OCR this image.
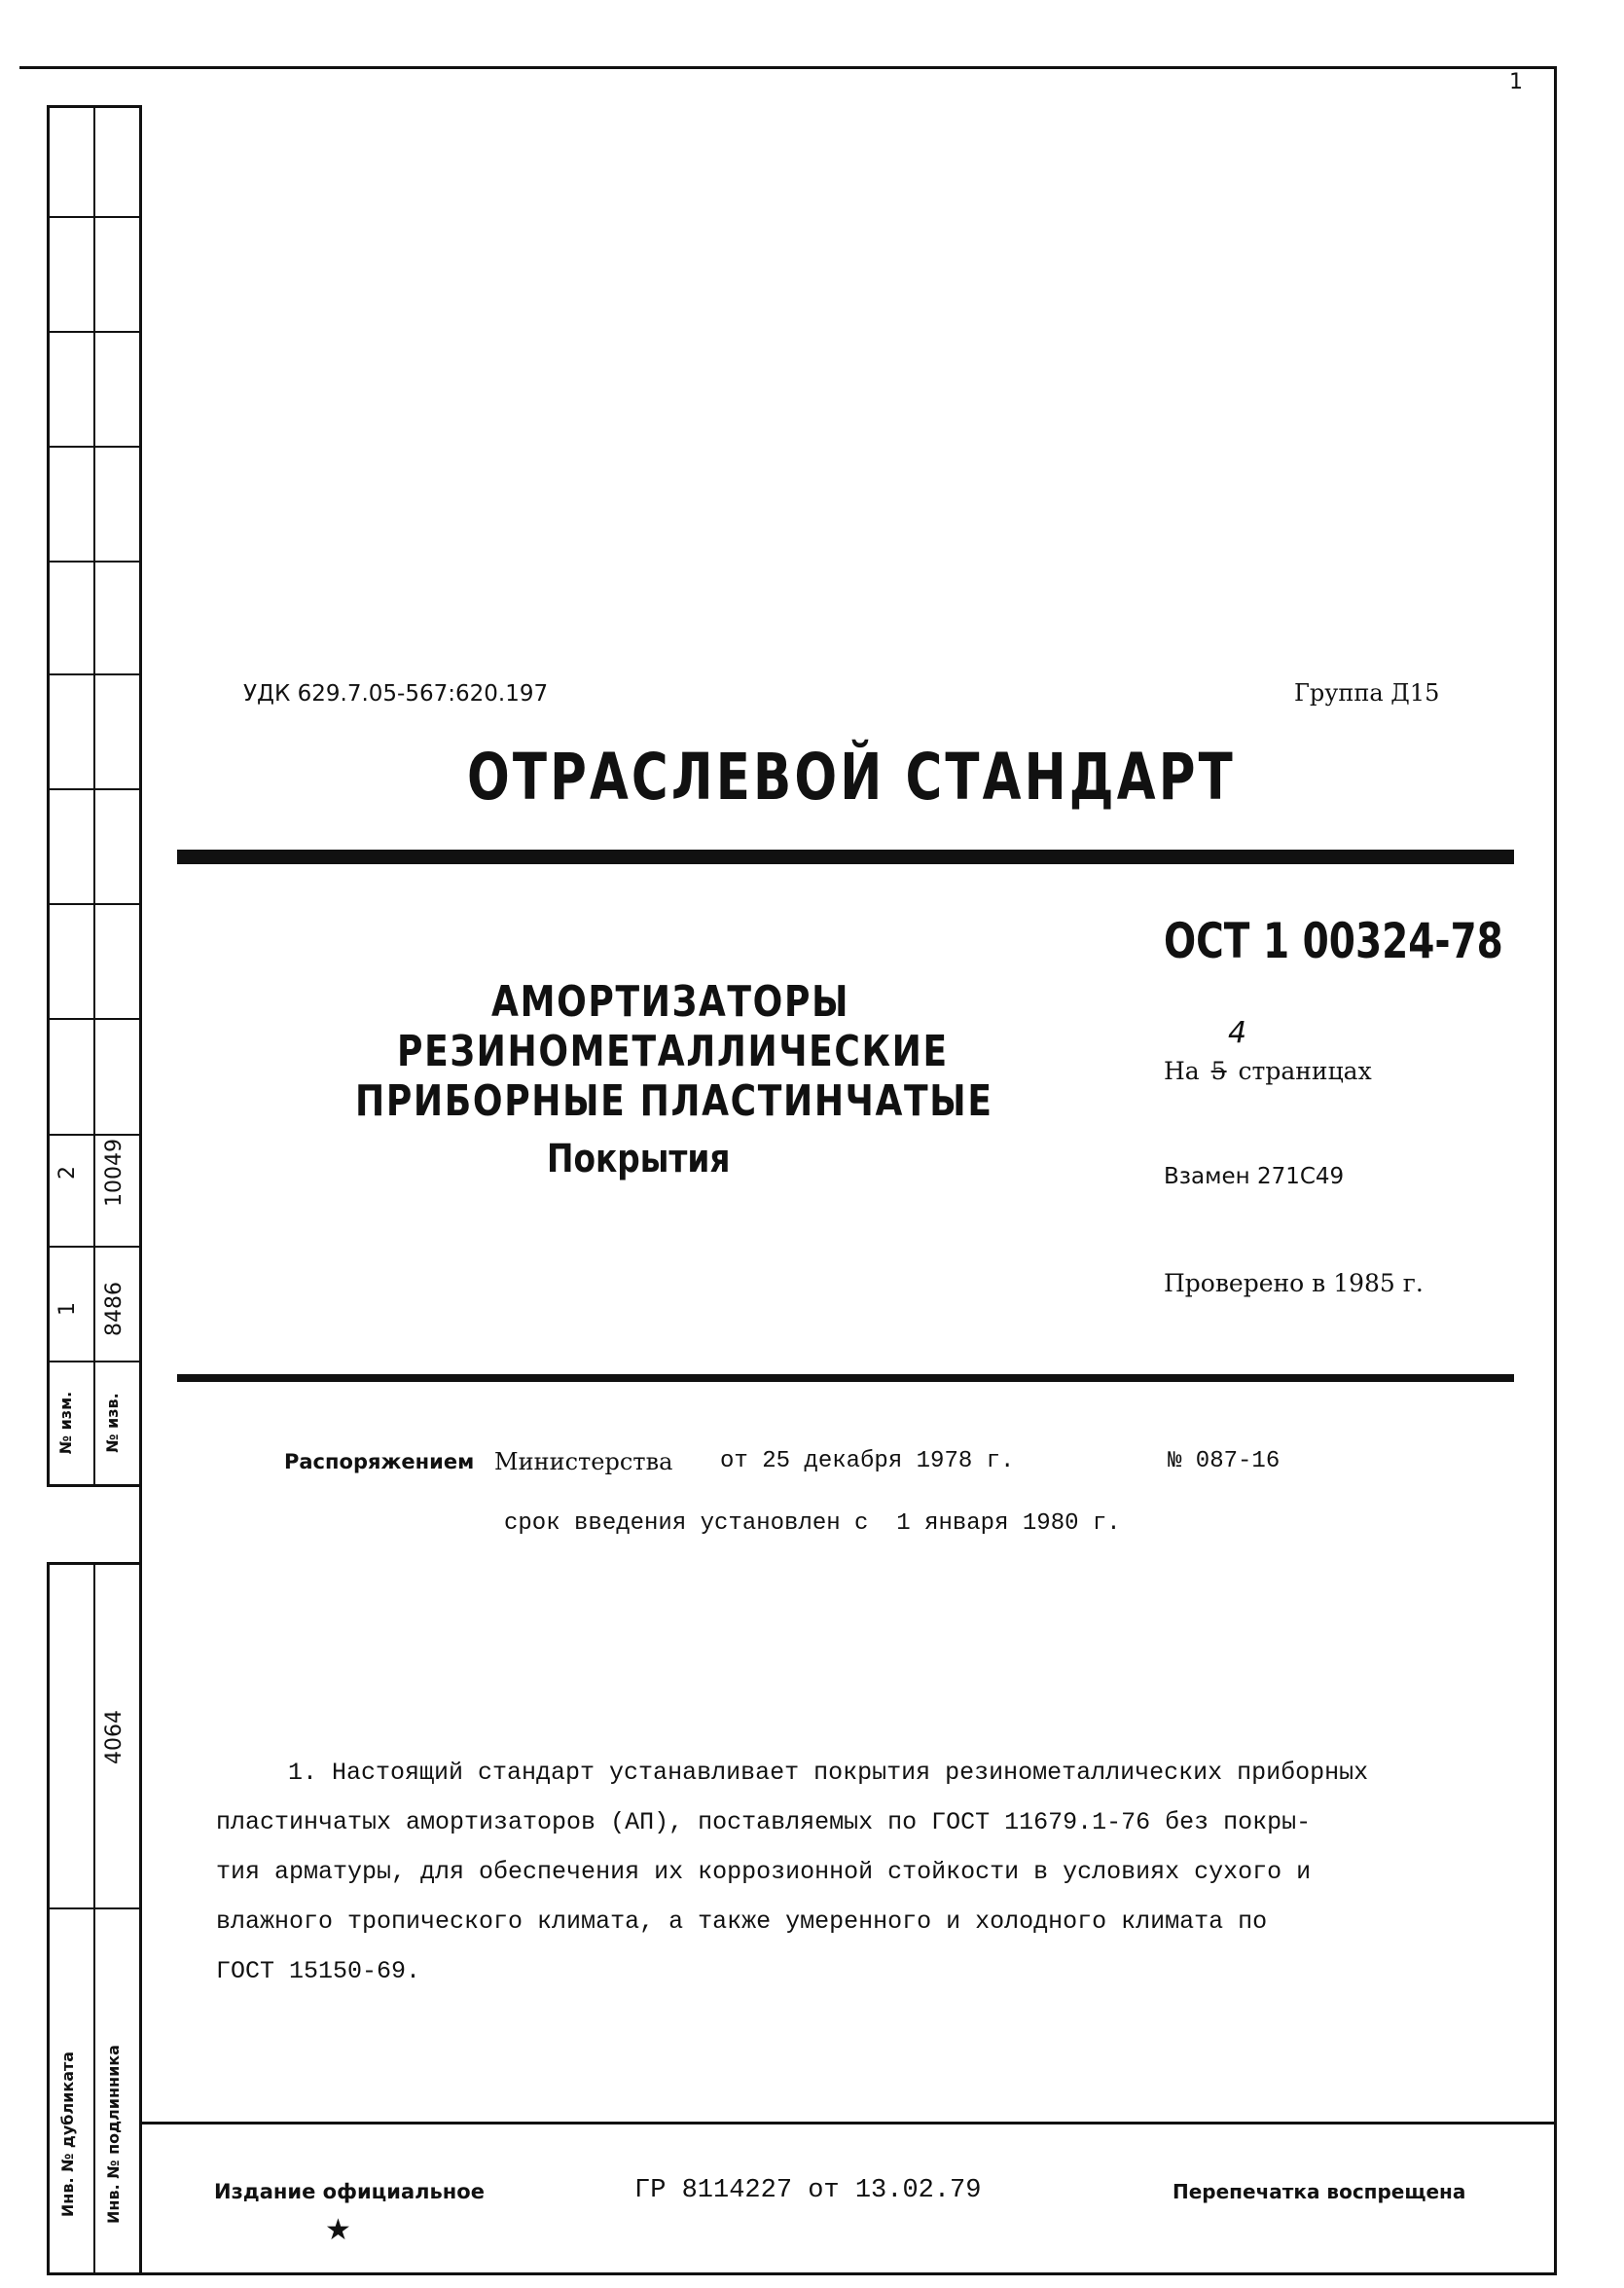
1
2 10049
1 8486
№ изм.	№ изв.
4064
Инв. № дубликата	Инв. № подлинника
УДК 629.7.05-567:620.197	Группа Д15
ОТРАСЛЕВОЙ СТАНДАРТ
ОСТ 1 00324-78
АМОРТИЗАТОРЫ
РЕЗИНОМЕТАЛЛИЧЕСКИЕ
ПРИБОРНЫЕ ПЛАСТИНЧАТЫЕ
Покрытия
На 5 страницах
4
Взамен 271С49
Проверено в 1985 г.
Распоряжением Министерства от 25 декабря 1978 г.	№ 087-16
срок введения установлен с  1 января 1980 г.
1. Настоящий стандарт устанавливает покрытия резинометаллических приборных
пластинчатых амортизаторов (АП), поставляемых по ГОСТ 11679.1-76 без покры-
тия арматуры, для обеспечения их коррозионной стойкости в условиях сухого и
влажного тропического климата, а также умеренного и холодного климата по
ГОСТ 15150-69.
Издание официальное
★
ГР 8114227 от 13.02.79	Перепечатка воспрещена
